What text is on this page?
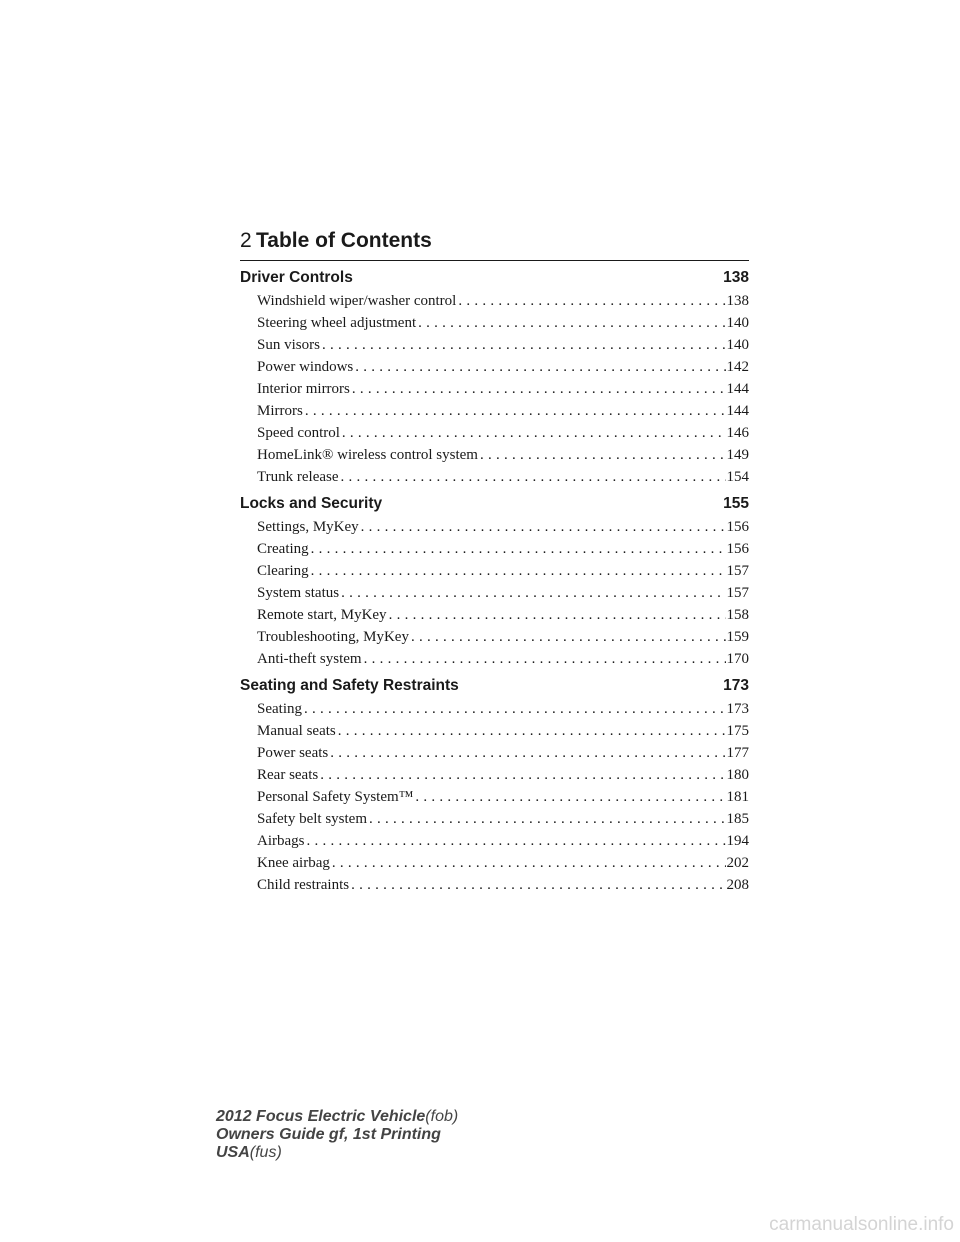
2 Table of Contents
Driver Controls	138
Windshield wiper/washer control . . .	138
Steering wheel adjustment . . .	140
Sun visors . . .	140
Power windows . . .	142
Interior mirrors . . .	144
Mirrors . . .	144
Speed control . . .	146
HomeLink® wireless control system . . .	149
Trunk release . . .	154
Locks and Security	155
Settings, MyKey . . .	156
Creating . . .	156
Clearing . . .	157
System status . . .	157
Remote start, MyKey . . .	158
Troubleshooting, MyKey . . .	159
Anti-theft system . . .	170
Seating and Safety Restraints	173
Seating . . .	173
Manual seats . . .	175
Power seats . . .	177
Rear seats . . .	180
Personal Safety System™ . . .	181
Safety belt system . . .	185
Airbags . . .	194
Knee airbag . . .	202
Child restraints . . .	208
2012 Focus Electric Vehicle(fob)
Owners Guide gf, 1st Printing
USA(fus)
carmanualsonline.info
